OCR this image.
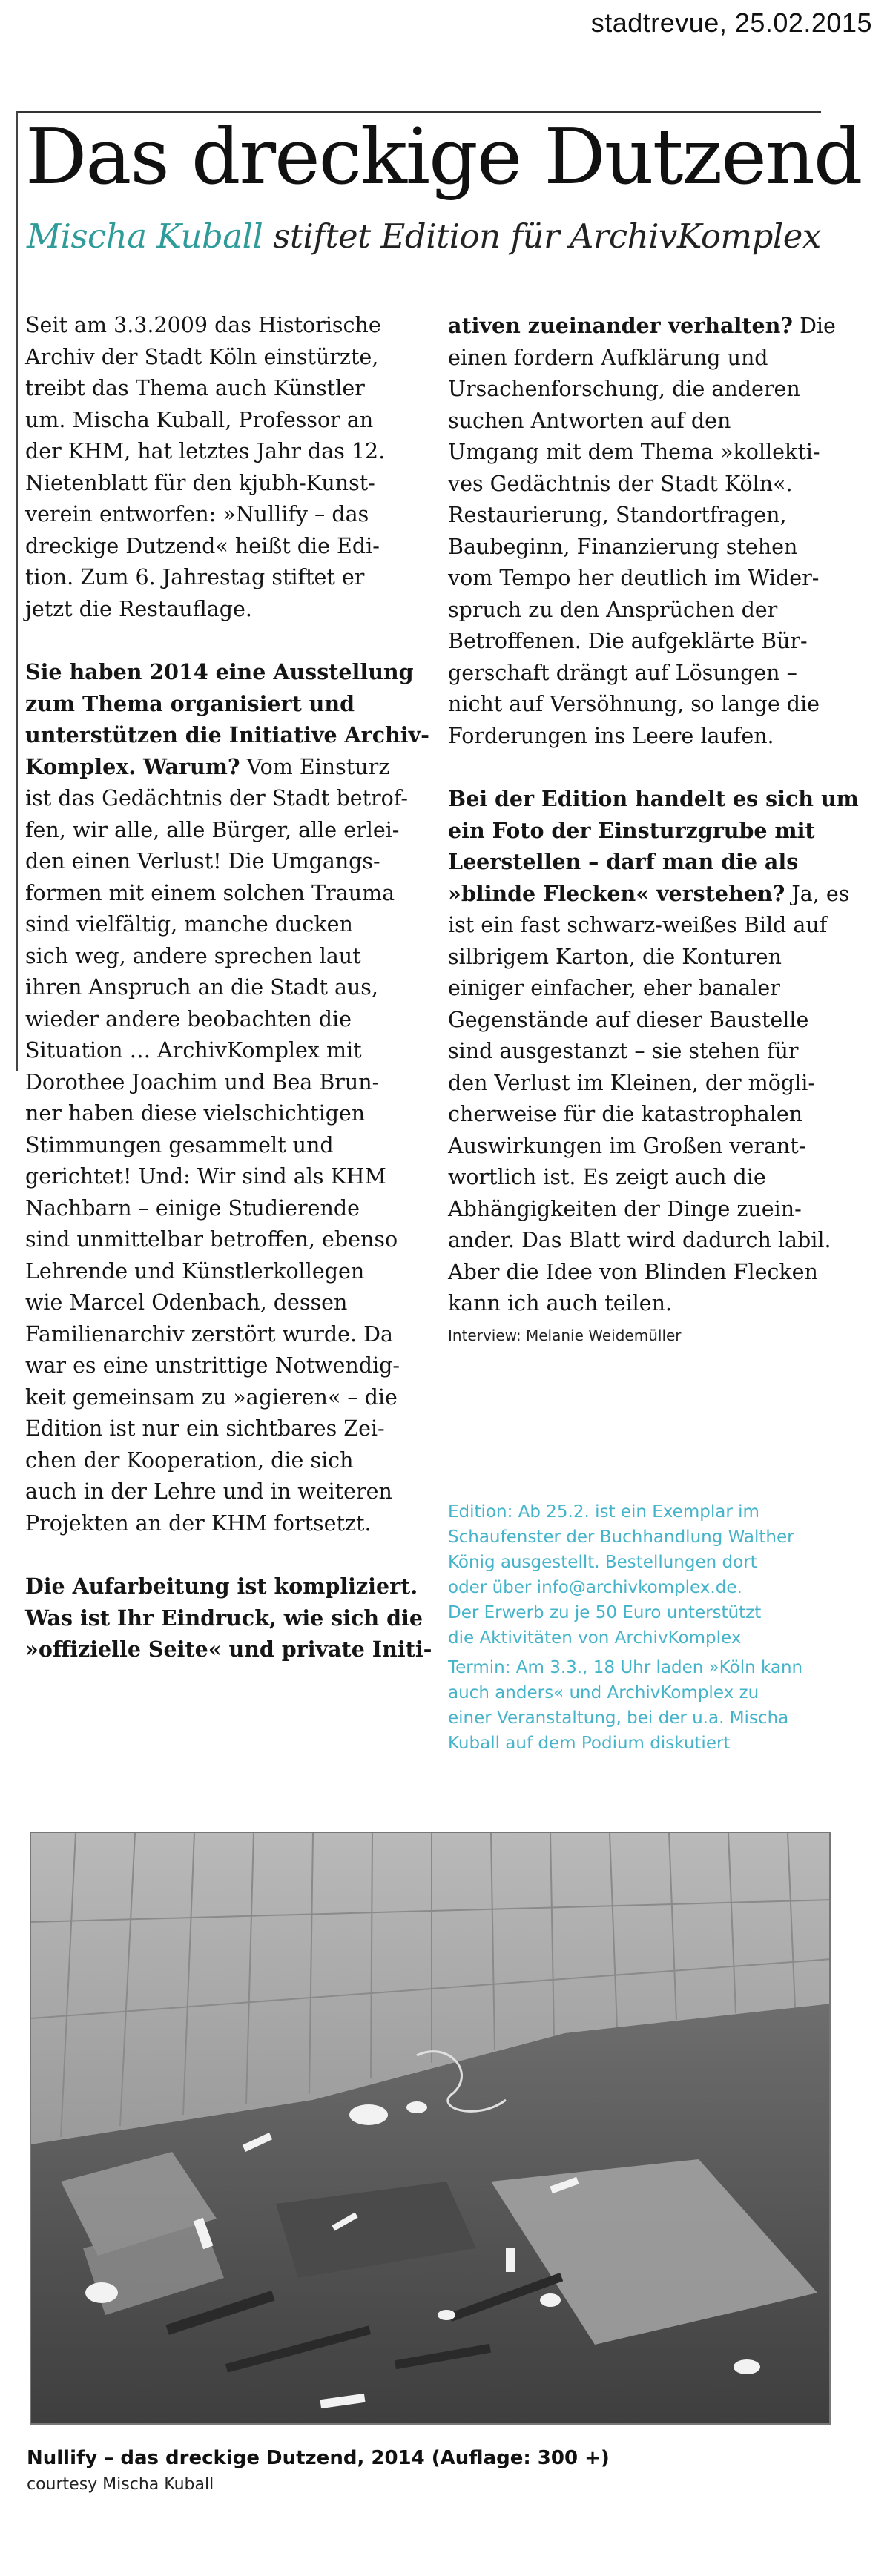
stadtrevue, 25.02.2015
Das dreckige Dutzend
Mischa Kuball stiftet Edition für ArchivKomplex
Seit am 3.3.2009 das Historische
Archiv der Stadt Köln einstürzte,
treibt das Thema auch Künstler
um. Mischa Kuball, Professor an
der KHM, hat letztes Jahr das 12.
Nietenblatt für den kjubh-Kunst-
verein entworfen: »Nullify – das
dreckige Dutzend« heißt die Edi-
tion. Zum 6. Jahrestag stiftet er
jetzt die Restauflage.
Sie haben 2014 eine Ausstellung
zum Thema organisiert und
unterstützen die Initiative Archiv-
Komplex. Warum? Vom Einsturz
ist das Gedächtnis der Stadt betrof-
fen, wir alle, alle Bürger, alle erlei-
den einen Verlust! Die Umgangs-
formen mit einem solchen Trauma
sind vielfältig, manche ducken
sich weg, andere sprechen laut
ihren Anspruch an die Stadt aus,
wieder andere beobachten die
Situation … ArchivKomplex mit
Dorothee Joachim und Bea Brun-
ner haben diese vielschichtigen
Stimmungen gesammelt und
gerichtet! Und: Wir sind als KHM
Nachbarn – einige Studierende
sind unmittelbar betroffen, ebenso
Lehrende und Künstlerkollegen
wie Marcel Odenbach, dessen
Familienarchiv zerstört wurde. Da
war es eine unstrittige Notwendig-
keit gemeinsam zu »agieren« – die
Edition ist nur ein sichtbares Zei-
chen der Kooperation, die sich
auch in der Lehre und in weiteren
Projekten an der KHM fortsetzt.
Die Aufarbeitung ist kompliziert.
Was ist Ihr Eindruck, wie sich die
»offizielle Seite« und private Initi-
ativen zueinander verhalten? Die
einen fordern Aufklärung und
Ursachenforschung, die anderen
suchen Antworten auf den
Umgang mit dem Thema »kollekti-
ves Gedächtnis der Stadt Köln«.
Restaurierung, Standortfragen,
Baubeginn, Finanzierung stehen
vom Tempo her deutlich im Wider-
spruch zu den Ansprüchen der
Betroffenen. Die aufgeklärte Bür-
gerschaft drängt auf Lösungen –
nicht auf Versöhnung, so lange die
Forderungen ins Leere laufen.
Bei der Edition handelt es sich um
ein Foto der Einsturzgrube mit
Leerstellen – darf man die als
»blinde Flecken« verstehen? Ja, es
ist ein fast schwarz-weißes Bild auf
silbrigem Karton, die Konturen
einiger einfacher, eher banaler
Gegenstände auf dieser Baustelle
sind ausgestanzt – sie stehen für
den Verlust im Kleinen, der mögli-
cherweise für die katastrophalen
Auswirkungen im Großen verant-
wortlich ist. Es zeigt auch die
Abhängigkeiten der Dinge zuein-
ander. Das Blatt wird dadurch labil.
Aber die Idee von Blinden Flecken
kann ich auch teilen.
Interview: Melanie Weidemüller
Edition: Ab 25.2. ist ein Exemplar im
Schaufenster der Buchhandlung Walther
König ausgestellt. Bestellungen dort
oder über info@archivkomplex.de.
Der Erwerb zu je 50 Euro unterstützt
die Aktivitäten von ArchivKomplex
Termin: Am 3.3., 18 Uhr laden »Köln kann
auch anders« und ArchivKomplex zu
einer Veranstaltung, bei der u.a. Mischa
Kuball auf dem Podium diskutiert
Nullify – das dreckige Dutzend, 2014 (Auflage: 300 +)
courtesy Mischa Kuball
